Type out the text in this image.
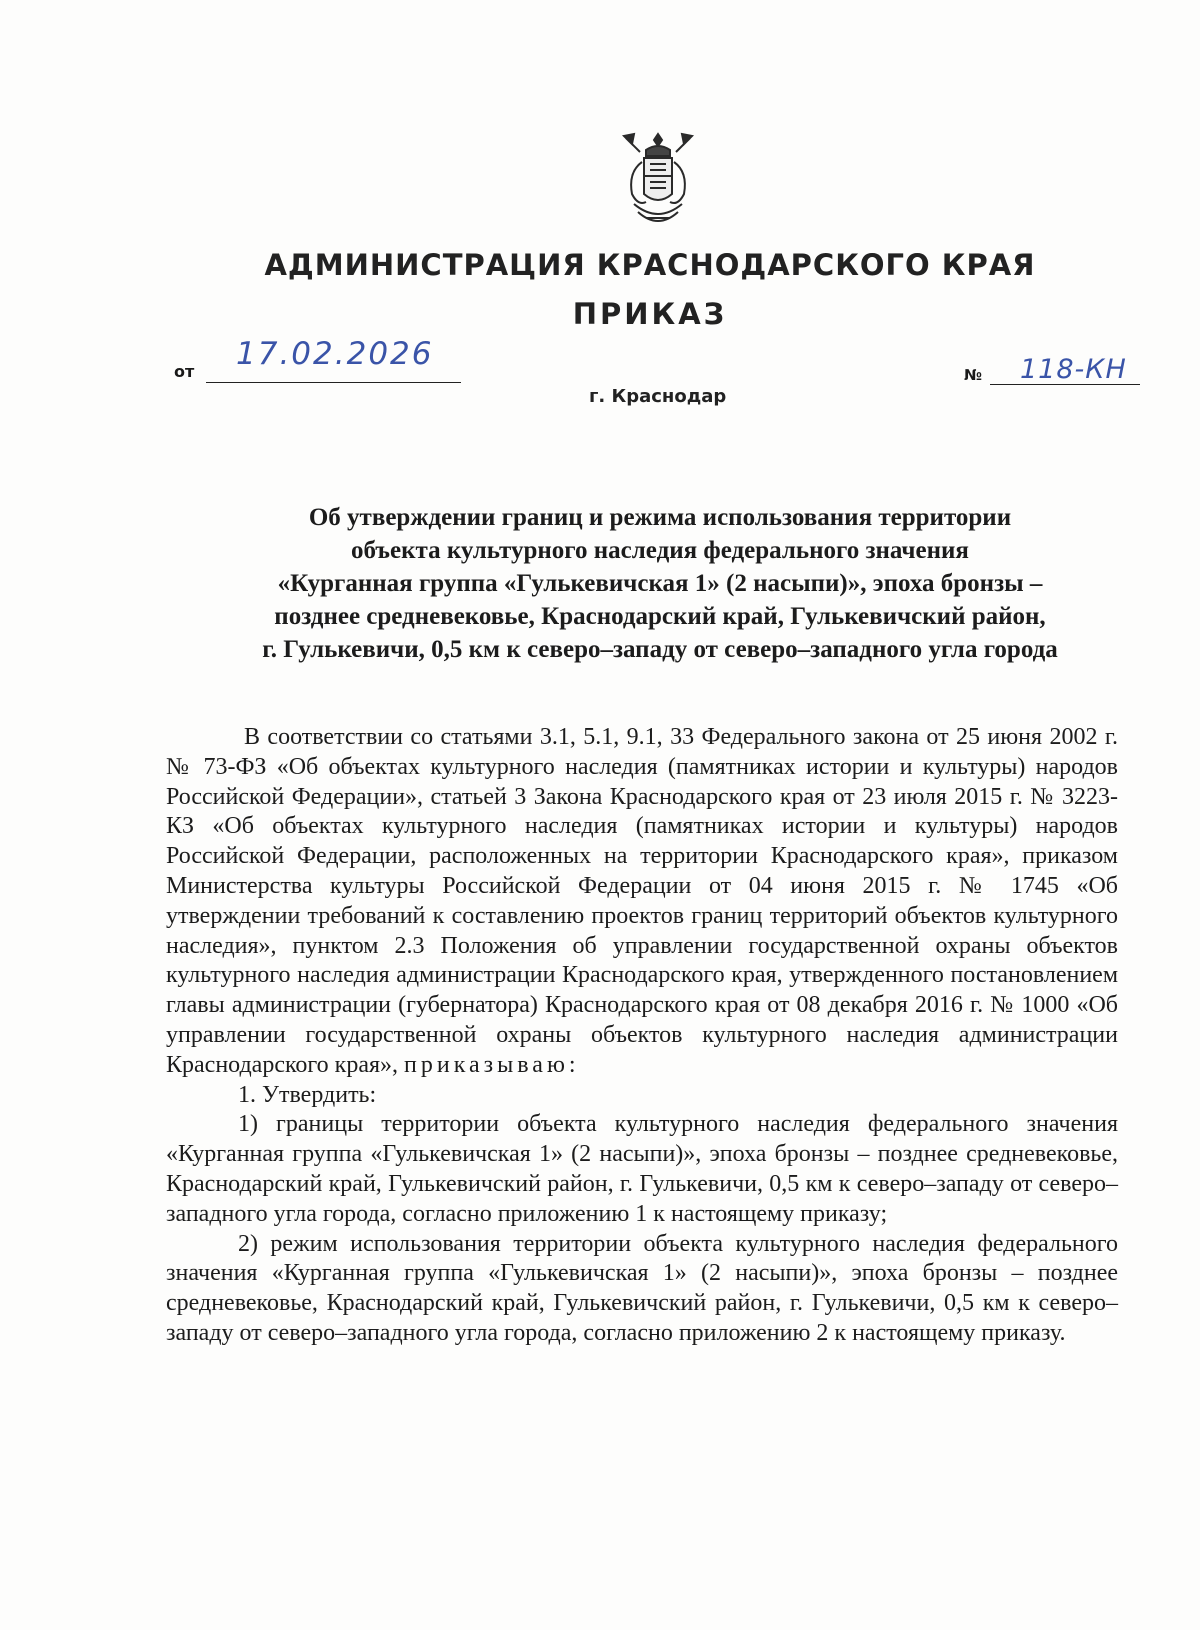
АДМИНИСТРАЦИЯ КРАСНОДАРСКОГО КРАЯ
ПРИКАЗ
от 17.02.2026
г. Краснодар
№ 118-КН
Об утверждении границ и режима использования территории
объекта культурного наследия федерального значения
«Курганная группа «Гулькевичская 1» (2 насыпи)», эпоха бронзы –
позднее средневековье, Краснодарский край, Гулькевичский район,
г. Гулькевичи, 0,5 км к северо–западу от северо–западного угла города

В соответствии со статьями 3.1, 5.1, 9.1, 33 Федерального закона от 25 июня 2002 г. № 73-ФЗ «Об объектах культурного наследия (памятниках истории и культуры) народов Российской Федерации», статьей 3 Закона Краснодарского края от 23 июля 2015 г. № 3223-КЗ «Об объектах культурного наследия (памятниках истории и культуры) народов Российской Федерации, расположенных на территории Краснодарского края», приказом Министерства культуры Российской Федерации от 04 июня 2015 г. № 1745 «Об утверждении требований к составлению проектов границ территорий объектов культурного наследия», пунктом 2.3 Положения об управлении государственной охраны объектов культурного наследия администрации Краснодарского края, утвержденного постановлением главы администрации (губернатора) Краснодарского края от 08 декабря 2016 г. № 1000 «Об управлении государственной охраны объектов культурного наследия администрации Краснодарского края», приказываю:

1. Утвердить:

1) границы территории объекта культурного наследия федерального значения «Курганная группа «Гулькевичская 1» (2 насыпи)», эпоха бронзы – позднее средневековье, Краснодарский край, Гулькевичский район, г. Гулькевичи, 0,5 км к северо–западу от северо–западного угла города, согласно приложению 1 к настоящему приказу;

2) режим использования территории объекта культурного наследия федерального значения «Курганная группа «Гулькевичская 1» (2 насыпи)», эпоха бронзы – позднее средневековье, Краснодарский край, Гулькевичский район, г. Гулькевичи, 0,5 км к северо–западу от северо–западного угла города, согласно приложению 2 к настоящему приказу.
